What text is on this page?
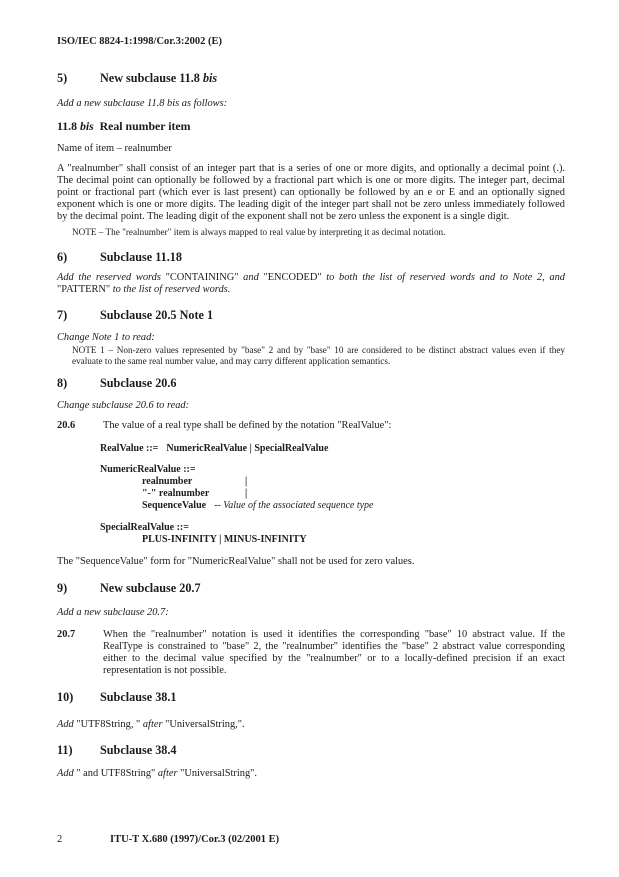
ISO/IEC 8824-1:1998/Cor.3:2002 (E)
5)	New subclause 11.8 bis
Add a new subclause 11.8 bis as follows:
11.8 bis  Real number item
Name of item – realnumber
A "realnumber" shall consist of an integer part that is a series of one or more digits, and optionally a decimal point (.). The decimal point can optionally be followed by a fractional part which is one or more digits. The integer part, decimal point or fractional part (which ever is last present) can optionally be followed by an e or E and an optionally signed exponent which is one or more digits. The leading digit of the integer part shall not be zero unless immediately followed by the decimal point. The leading digit of the exponent shall not be zero unless the exponent is a single digit.
NOTE – The "realnumber" item is always mapped to real value by interpreting it as decimal notation.
6)	Subclause 11.18
Add the reserved words "CONTAINING" and "ENCODED" to both the list of reserved words and to Note 2, and "PATTERN" to the list of reserved words.
7)	Subclause 20.5 Note 1
Change Note 1 to read:
NOTE 1 – Non-zero values represented by "base" 2 and by "base" 10 are considered to be distinct abstract values even if they evaluate to the same real number value, and may carry different application semantics.
8)	Subclause 20.6
Change subclause 20.6 to read:
20.6	The value of a real type shall be defined by the notation "RealValue":
RealValue ::= NumericRealValue | SpecialRealValue
NumericRealValue ::=
realnumber	|
"-" realnumber	|
SequenceValue -- Value of the associated sequence type
SpecialRealValue ::=
PLUS-INFINITY | MINUS-INFINITY
The "SequenceValue" form for "NumericRealValue" shall not be used for zero values.
9)	New subclause 20.7
Add a new subclause 20.7:
20.7	When the "realnumber" notation is used it identifies the corresponding "base" 10 abstract value. If the RealType is constrained to "base" 2, the "realnumber" identifies the "base" 2 abstract value corresponding either to the decimal value specified by the "realnumber" or to a locally-defined precision if an exact representation is not possible.
10)	Subclause 38.1
Add "UTF8String, " after "UniversalString,".
11)	Subclause 38.4
Add " and UTF8String" after "UniversalString".
2	ITU-T X.680 (1997)/Cor.3 (02/2001 E)
